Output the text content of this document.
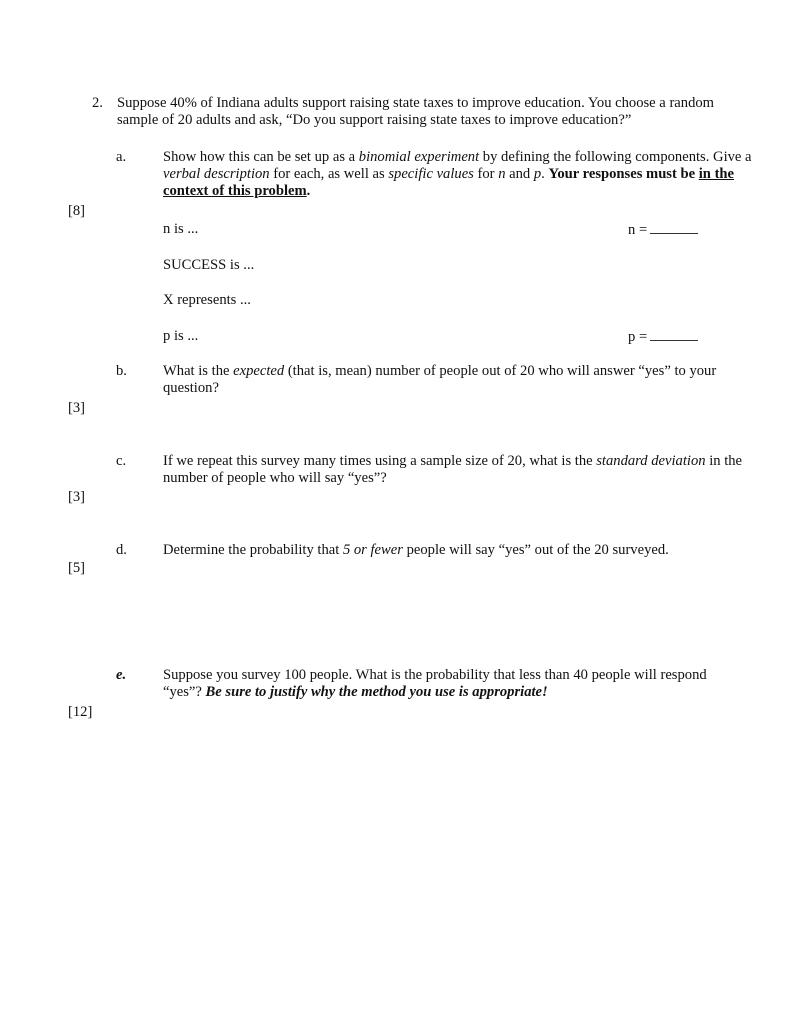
2. Suppose 40% of Indiana adults support raising state taxes to improve education. You choose a random sample of 20 adults and ask, “Do you support raising state taxes to improve education?”
a.	Show how this can be set up as a binomial experiment by defining the following components. Give a verbal description for each, as well as specific values for n and p. Your responses must be in the context of this problem.
[8]
n is ...	n =
SUCCESS is ...
X represents ...
p is ...	p =
b. What is the expected (that is, mean) number of people out of 20 who will answer “yes” to your question?
[3]
c.	If we repeat this survey many times using a sample size of 20, what is the standard deviation in the number of people who will say “yes”?
[3]
d. Determine the probability that 5 or fewer people will say “yes” out of the 20 surveyed.
[5]
e.	Suppose you survey 100 people. What is the probability that less than 40 people will respond “yes”? Be sure to justify why the method you use is appropriate!
[12]
